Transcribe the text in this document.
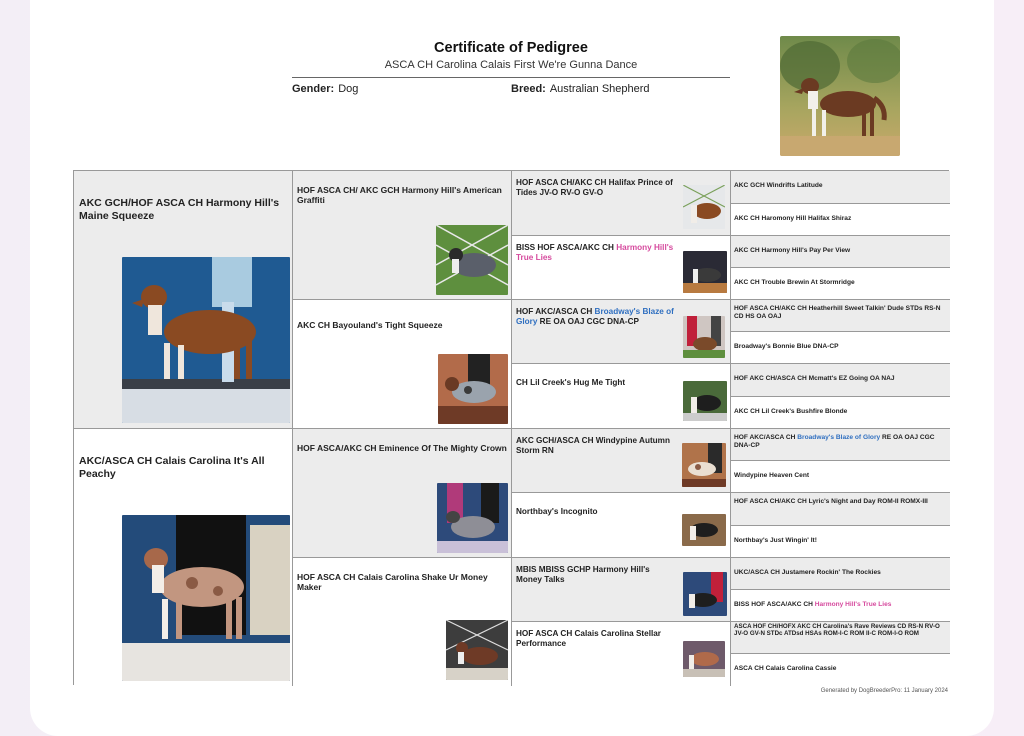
Certificate of Pedigree
ASCA CH Carolina Calais First We're Gunna Dance
Gender: Dog	Breed: Australian Shepherd
AKC GCH/HOF ASCA CH Harmony Hill's Maine Squeeze
AKC/ASCA CH Calais Carolina It's All Peachy
HOF ASCA CH/ AKC GCH Harmony Hill's American Graffiti
AKC CH Bayouland's Tight Squeeze
HOF ASCA/AKC CH Eminence Of The Mighty Crown
HOF ASCA CH Calais Carolina Shake Ur Money Maker
HOF ASCA CH/AKC CH Halifax Prince of Tides JV-O RV-O GV-O
BISS HOF ASCA/AKC CH Harmony Hill's True Lies
HOF AKC/ASCA CH Broadway's Blaze of Glory RE OA OAJ CGC DNA-CP
CH Lil Creek's Hug Me Tight
AKC GCH/ASCA CH Windypine Autumn Storm RN
Northbay's Incognito
MBIS MBISS GCHP Harmony Hill's Money Talks
HOF ASCA CH Calais Carolina Stellar Performance
AKC GCH Windrifts Latitude
AKC CH Haromony Hill Halifax Shiraz
AKC CH Harmony Hill's Pay Per View
AKC CH Trouble Brewin At Stormridge
HOF ASCA CH/AKC CH Heatherhill Sweet Talkin' Dude STDs RS-N CD HS OA OAJ
Broadway's Bonnie Blue DNA-CP
HOF AKC CH/ASCA CH Mcmatt's EZ Going OA NAJ
AKC CH Lil Creek's Bushfire Blonde
HOF AKC/ASCA CH Broadway's Blaze of Glory RE OA OAJ CGC DNA-CP
Windypine Heaven Cent
HOF ASCA CH/AKC CH Lyric's Night and Day ROM-II ROMX-III
Northbay's Just Wingin' It!
UKC/ASCA CH Justamere Rockin' The Rockies
BISS HOF ASCA/AKC CH Harmony Hill's True Lies
ASCA HOF CH/HOFX AKC CH Carolina's Rave Reviews CD RS-N RV-O JV-O GV-N STDc ATDsd HSAs ROM-I-C ROM II-C ROM-I-O ROM
ASCA CH Calais Carolina Cassie
Generated by DogBreederPro: 11 January 2024
